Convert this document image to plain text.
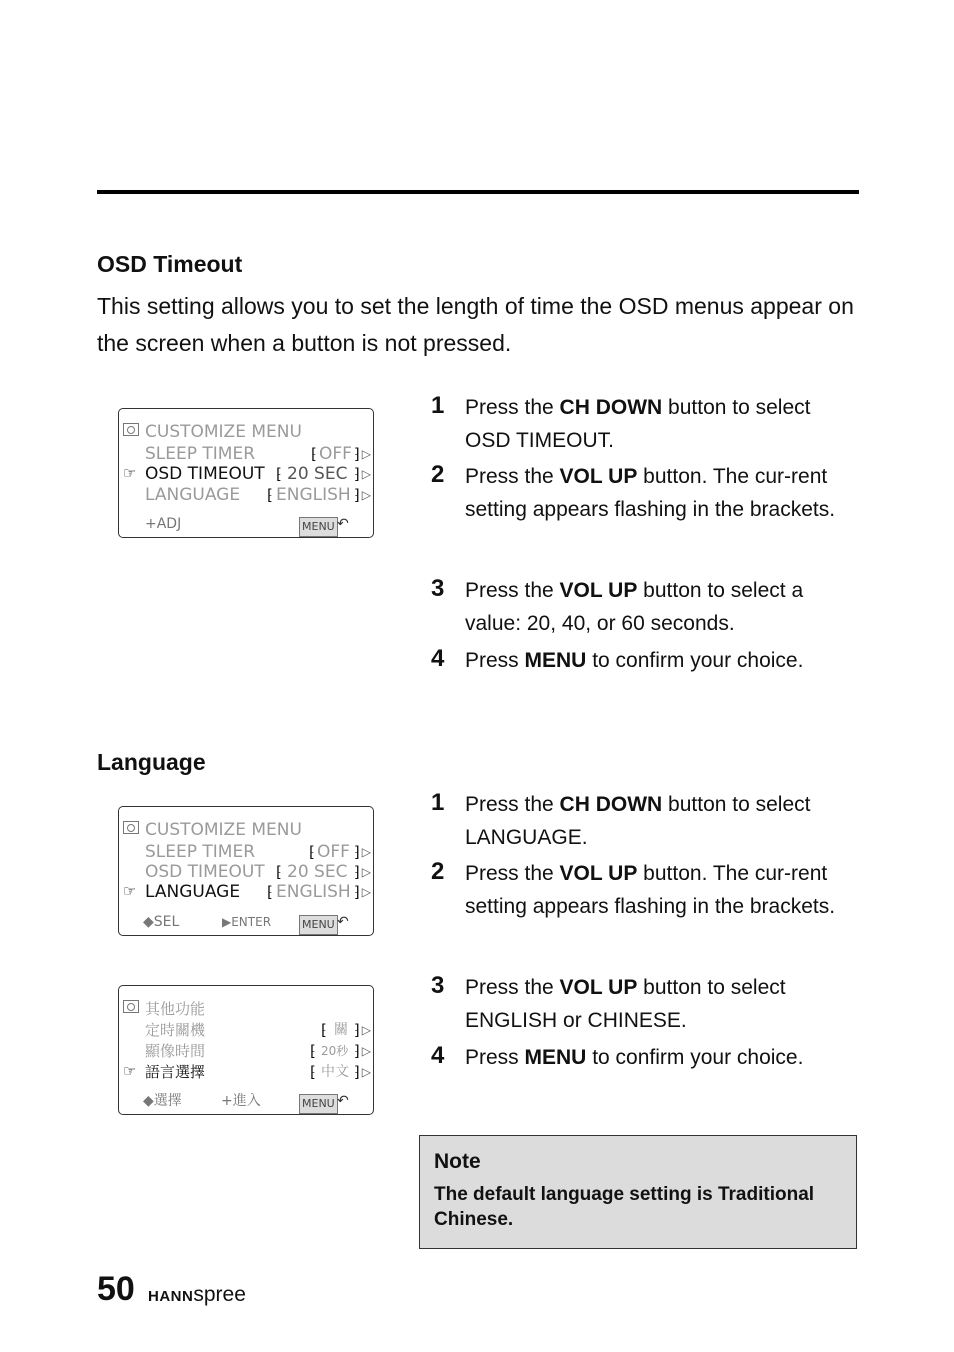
OSD Timeout

This setting allows you to set the length of time the OSD menus appear on the screen when a button is not pressed.

CUSTOMIZE MENU
SLEEP TIMER	⁅ OFF ⁆ ▷
☞ OSD TIMEOUT ⁅ 20 SEC ⁆ ▷
LANGUAGE ⁅ ENGLISH ⁆ ▷
+ADJ	MENU ↶
1 Press the CH DOWN button to select OSD TIMEOUT.

2 Press the VOL UP button. The cur-rent setting appears flashing in the brackets.

3 Press the VOL UP button to select a value: 20, 40, or 60 seconds.

4 Press MENU to confirm your choice.

Language
CUSTOMIZE MENU
SLEEP TIMER	⁅ OFF ⁆ ▷
OSD TIMEOUT ⁅ 20 SEC ⁆ ▷
☞ LANGUAGE ⁅ ENGLISH ⁆ ▷
◆SEL	▶ENTER	MENU ↶
其他功能
定時關機	⁅ 關 ⁆ ▷
顯像時間	⁅ 20秒 ⁆ ▷
☞ 語言選擇	⁅ 中文 ⁆ ▷
◆選擇	+進入	MENU ↶
1 Press the CH DOWN button to select LANGUAGE.

2 Press the VOL UP button. The cur-rent setting appears flashing in the brackets.

3 Press the VOL UP button to select ENGLISH or CHINESE.

4 Press MENU to confirm your choice.

Note

The default language setting is Traditional Chinese.

50 HANNspree
